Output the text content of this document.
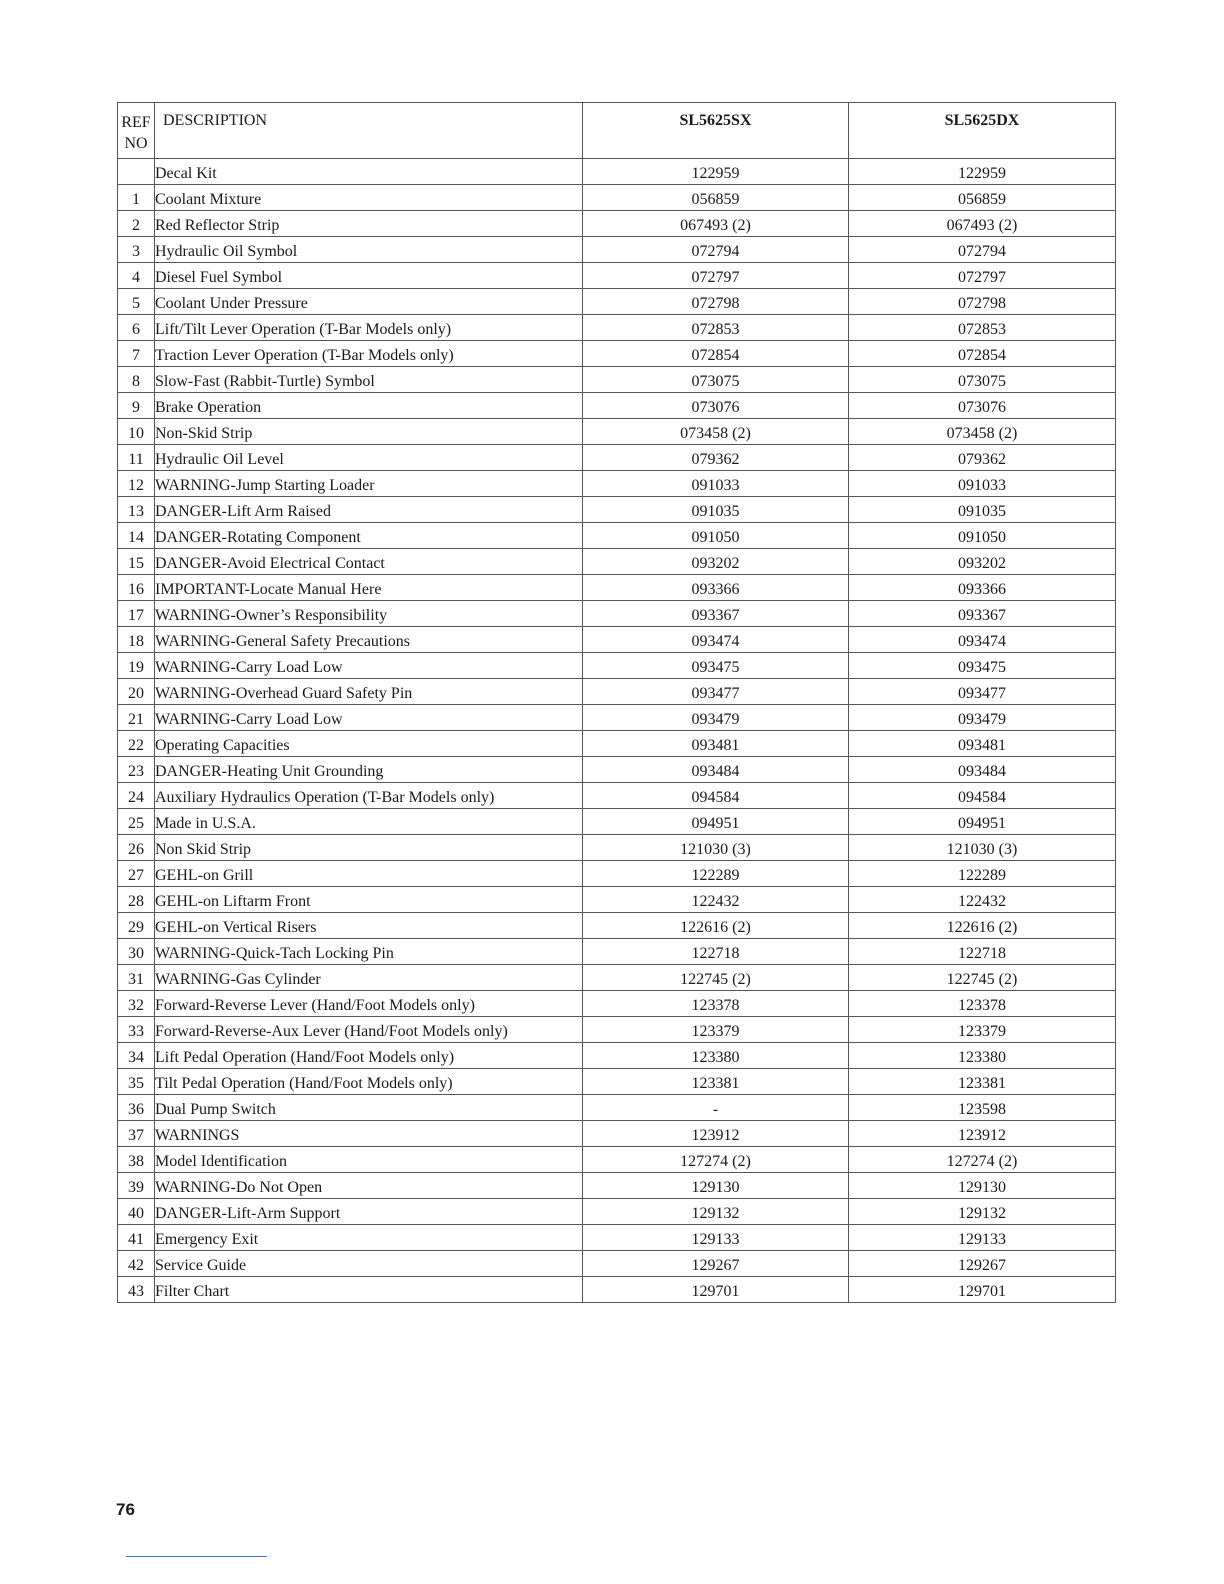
REF
NO	DESCRIPTION	SL5625SX	SL5625DX
	Decal Kit	122959	122959
1	Coolant Mixture	056859	056859
2	Red Reflector Strip	067493 (2)	067493 (2)
3	Hydraulic Oil Symbol	072794	072794
4	Diesel Fuel Symbol	072797	072797
5	Coolant Under Pressure	072798	072798
6	Lift/Tilt Lever Operation (T-Bar Models only)	072853	072853
7	Traction Lever Operation (T-Bar Models only)	072854	072854
8	Slow-Fast (Rabbit-Turtle) Symbol	073075	073075
9	Brake Operation	073076	073076
10	Non-Skid Strip	073458 (2)	073458 (2)
11	Hydraulic Oil Level	079362	079362
12	WARNING-Jump Starting Loader	091033	091033
13	DANGER-Lift Arm Raised	091035	091035
14	DANGER-Rotating Component	091050	091050
15	DANGER-Avoid Electrical Contact	093202	093202
16	IMPORTANT-Locate Manual Here	093366	093366
17	WARNING-Owner’s Responsibility	093367	093367
18	WARNING-General Safety Precautions	093474	093474
19	WARNING-Carry Load Low	093475	093475
20	WARNING-Overhead Guard Safety Pin	093477	093477
21	WARNING-Carry Load Low	093479	093479
22	Operating Capacities	093481	093481
23	DANGER-Heating Unit Grounding	093484	093484
24	Auxiliary Hydraulics Operation (T-Bar Models only)	094584	094584
25	Made in U.S.A.	094951	094951
26	Non Skid Strip	121030 (3)	121030 (3)
27	GEHL-on Grill	122289	122289
28	GEHL-on Liftarm Front	122432	122432
29	GEHL-on Vertical Risers	122616 (2)	122616 (2)
30	WARNING-Quick-Tach Locking Pin	122718	122718
31	WARNING-Gas Cylinder	122745 (2)	122745 (2)
32	Forward-Reverse Lever (Hand/Foot Models only)	123378	123378
33	Forward-Reverse-Aux Lever (Hand/Foot Models only)	123379	123379
34	Lift Pedal Operation (Hand/Foot Models only)	123380	123380
35	Tilt Pedal Operation (Hand/Foot Models only)	123381	123381
36	Dual Pump Switch	-	123598
37	WARNINGS	123912	123912
38	Model Identification	127274 (2)	127274 (2)
39	WARNING-Do Not Open	129130	129130
40	DANGER-Lift-Arm Support	129132	129132
41	Emergency Exit	129133	129133
42	Service Guide	129267	129267
43	Filter Chart	129701	129701
76
